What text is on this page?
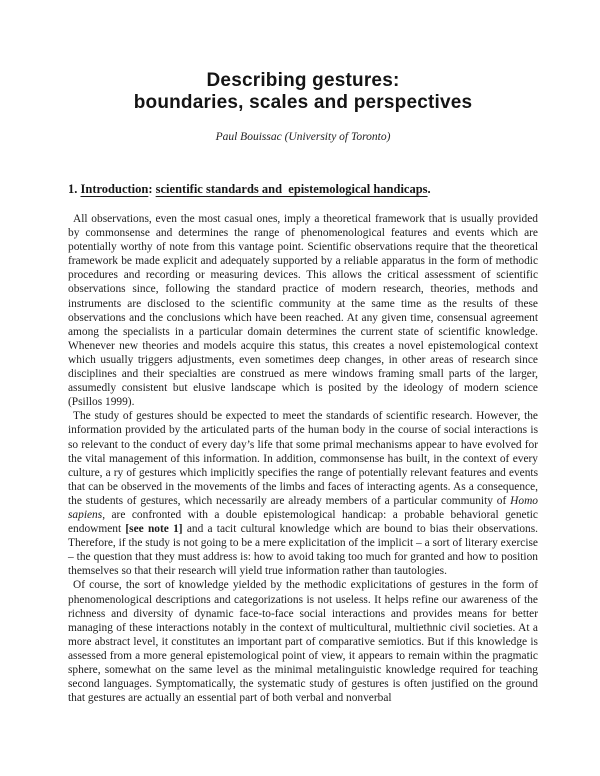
Describing gestures:
boundaries, scales and perspectives
Paul Bouissac (University of Toronto)
1. Introduction: scientific standards and  epistemological handicaps.

All observations, even the most casual ones, imply a theoretical framework that is usually provided by commonsense and determines the range of phenomenological features and events which are potentially worthy of note from this vantage point. Scientific observations require that the theoretical framework be made explicit and adequately supported by a reliable apparatus in the form of methodic procedures and recording or measuring devices. This allows the critical assessment of scientific observations since, following the standard practice of modern research, theories, methods and instruments are disclosed to the scientific community at the same time as the results of these observations and the conclusions which have been reached. At any given time, consensual agreement among the specialists in a particular domain determines the current state of scientific knowledge. Whenever new theories and models acquire this status, this creates a novel epistemological context which usually triggers adjustments, even sometimes deep changes, in other areas of research since disciplines and their specialties are construed as mere windows framing small parts of the larger, assumedly consistent but elusive landscape which is posited by the ideology of modern science (Psillos 1999).

The study of gestures should be expected to meet the standards of scientific research. However, the information provided by the articulated parts of the human body in the course of social interactions is so relevant to the conduct of every day’s life that some primal mechanisms appear to have evolved for the vital management of this information. In addition, commonsense has built, in the context of every culture, a ry of gestures which implicitly specifies the range of potentially relevant features and events that can be observed in the movements of the limbs and faces of interacting agents. As a consequence, the students of gestures, which necessarily are already members of a particular community of Homo sapiens, are confronted with a double epistemological handicap: a probable behavioral genetic endowment [see note 1] and a tacit cultural knowledge which are bound to bias their observations. Therefore, if the study is not going to be a mere explicitation of the implicit – a sort of literary exercise – the question that they must address is: how to avoid taking too much for granted and how to position themselves so that their research will yield true information rather than tautologies.

Of course, the sort of knowledge yielded by the methodic explicitations of gestures in the form of phenomenological descriptions and categorizations is not useless. It helps refine our awareness of the richness and diversity of dynamic face-to-face social interactions and provides means for better managing of these interactions notably in the context of multicultural, multiethnic civil societies. At a more abstract level, it constitutes an important part of comparative semiotics. But if this knowledge is assessed from a more general epistemological point of view, it appears to remain within the pragmatic sphere, somewhat on the same level as the minimal metalinguistic knowledge required for teaching second languages. Symptomatically, the systematic study of gestures is often justified on the ground that gestures are actually an essential part of both verbal and nonverbal
